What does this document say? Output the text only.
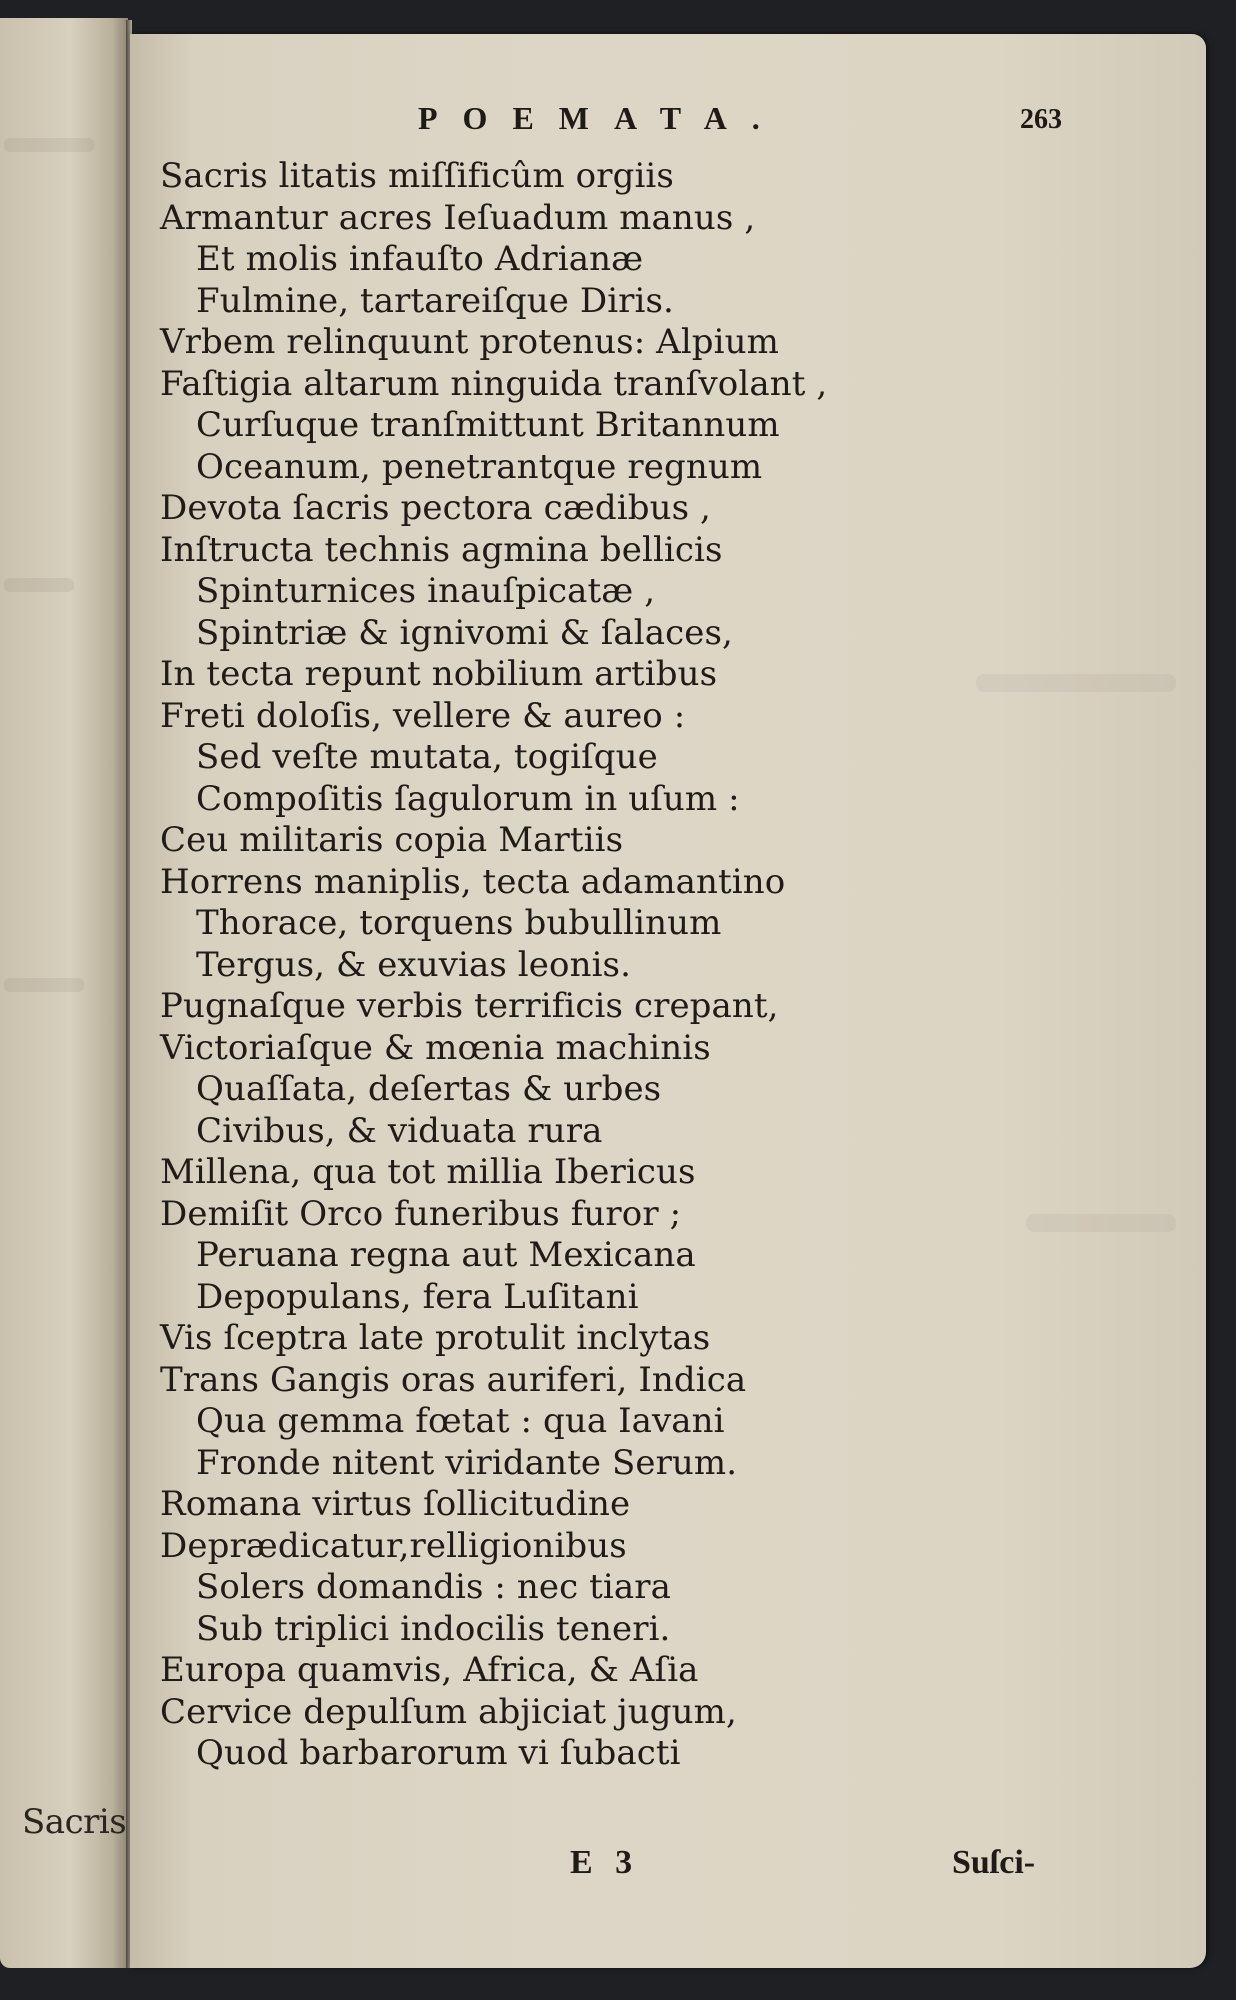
Sacris
POEMATA.	263
Sacris litatis miſſificûm orgiis
Armantur acres Ieſuadum manus ,
Et molis infauſto Adrianæ
Fulmine, tartareiſque Diris.
Vrbem relinquunt protenus: Alpium
Faſtigia altarum ninguida tranſvolant ,
Curſuque tranſmittunt Britannum
Oceanum, penetrantque regnum
Devota ſacris pectora cædibus ,
Inſtructa technis agmina bellicis
Spinturnices inauſpicatæ ,
Spintriæ & ignivomi & ſalaces,
In tecta repunt nobilium artibus
Freti doloſis, vellere & aureo :
Sed veſte mutata, togiſque
Compoſitis ſagulorum in uſum :
Ceu militaris copia Martiis
Horrens maniplis, tecta adamantino
Thorace, torquens bubullinum
Tergus, & exuvias leonis.
Pugnaſque verbis terrificis crepant,
Victoriaſque & mœnia machinis
Quaſſata, deſertas & urbes
Civibus, & viduata rura
Millena, qua tot millia Ibericus
Demiſit Orco funeribus furor ;
Peruana regna aut Mexicana
Depopulans, fera Luſitani
Vis ſceptra late protulit inclytas
Trans Gangis oras auriferi, Indica
Qua gemma fœtat : qua Iavani
Fronde nitent viridante Serum.
Romana virtus ſollicitudine
Deprædicatur,relligionibus
Solers domandis : nec tiara
Sub triplici indocilis teneri.
Europa quamvis, Africa, & Aſia
Cervice depulſum abjiciat jugum,
Quod barbarorum vi ſubacti
E 3	Suſci-
